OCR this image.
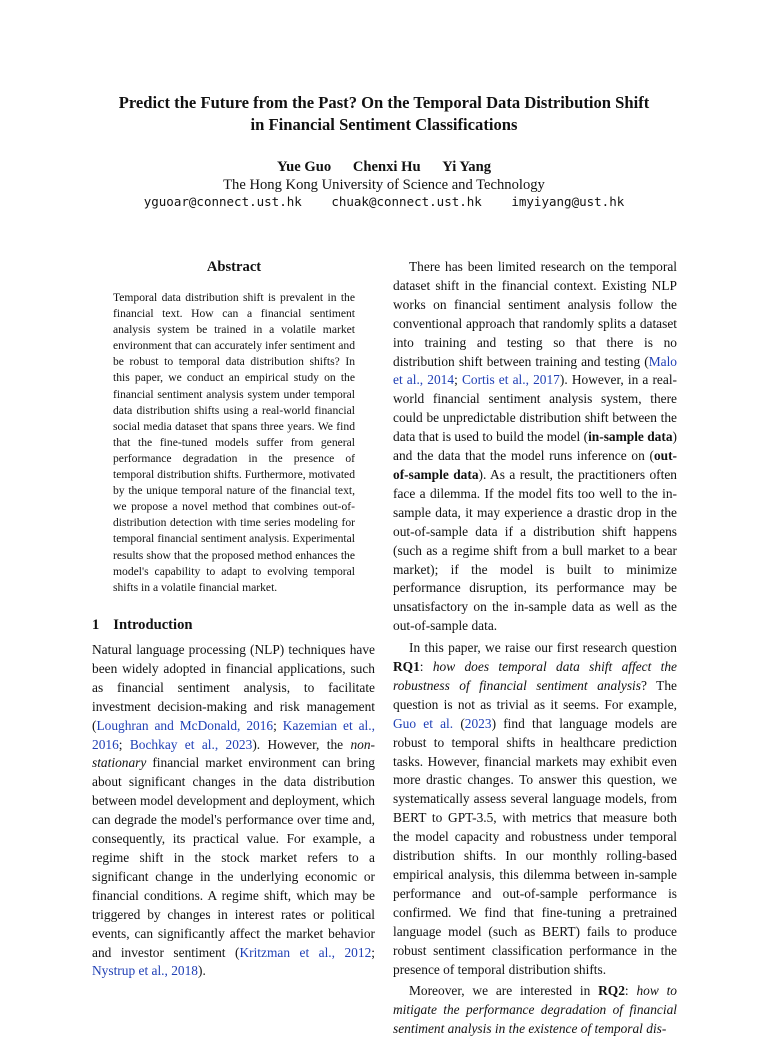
Predict the Future from the Past? On the Temporal Data Distribution Shift
in Financial Sentiment Classifications
Yue Guo Chenxi Hu Yi Yang
The Hong Kong University of Science and Technology
yguoar@connect.ust.hk chuak@connect.ust.hk imyiyang@ust.hk
Abstract
Temporal data distribution shift is prevalent in the financial text. How can a financial sentiment analysis system be trained in a volatile market environment that can accurately infer sentiment and be robust to temporal data distribution shifts? In this paper, we conduct an empirical study on the financial sentiment analysis system under temporal data distribution shifts using a real-world financial social media dataset that spans three years. We find that the fine-tuned models suffer from general performance degradation in the presence of temporal distribution shifts. Furthermore, motivated by the unique temporal nature of the financial text, we propose a novel method that combines out-of-distribution detection with time series modeling for temporal financial sentiment analysis. Experimental results show that the proposed method enhances the model's capability to adapt to evolving temporal shifts in a volatile financial market.
1 Introduction

Natural language processing (NLP) techniques have been widely adopted in financial applications, such as financial sentiment analysis, to facilitate investment decision-making and risk management (Loughran and McDonald, 2016; Kazemian et al., 2016; Bochkay et al., 2023). However, the non-stationary financial market environment can bring about significant changes in the data distribution between model development and deployment, which can degrade the model's performance over time and, consequently, its practical value. For example, a regime shift in the stock market refers to a significant change in the underlying economic or financial conditions. A regime shift, which may be triggered by changes in interest rates or political events, can significantly affect the market behavior and investor sentiment (Kritzman et al., 2012; Nystrup et al., 2018).

There has been limited research on the temporal dataset shift in the financial context. Existing NLP works on financial sentiment analysis follow the conventional approach that randomly splits a dataset into training and testing so that there is no distribution shift between training and testing (Malo et al., 2014; Cortis et al., 2017). However, in a real-world financial sentiment analysis system, there could be unpredictable distribution shift between the data that is used to build the model (in-sample data) and the data that the model runs inference on (out-of-sample data). As a result, the practitioners often face a dilemma. If the model fits too well to the in-sample data, it may experience a drastic drop in the out-of-sample data if a distribution shift happens (such as a regime shift from a bull market to a bear market); if the model is built to minimize performance disruption, its performance may be unsatisfactory on the in-sample data as well as the out-of-sample data.

In this paper, we raise our first research question RQ1: how does temporal data shift affect the robustness of financial sentiment analysis? The question is not as trivial as it seems. For example, Guo et al. (2023) find that language models are robust to temporal shifts in healthcare prediction tasks. However, financial markets may exhibit even more drastic changes. To answer this question, we systematically assess several language models, from BERT to GPT-3.5, with metrics that measure both the model capacity and robustness under temporal distribution shifts. In our monthly rolling-based empirical analysis, this dilemma between in-sample performance and out-of-sample performance is confirmed. We find that fine-tuning a pretrained language model (such as BERT) fails to produce robust sentiment classification performance in the presence of temporal distribution shifts.

Moreover, we are interested in RQ2: how to mitigate the performance degradation of financial sentiment analysis in the existence of temporal dis-
